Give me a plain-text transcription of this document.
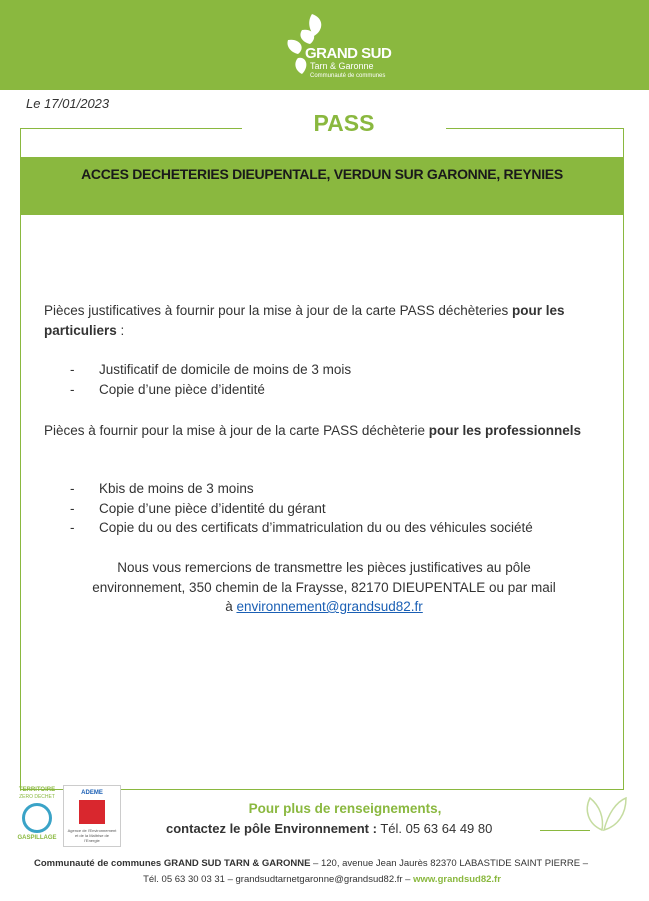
GRAND SUD
Tarn & Garonne
Communauté de communes
Le 17/01/2023
PASS
ACCES DECHETERIES DIEUPENTALE, VERDUN SUR GARONNE, REYNIES
Pièces justificatives à fournir pour la mise à jour de la carte PASS déchèteries pour les particuliers :
- Justificatif de domicile de moins de 3 mois
- Copie d’une pièce d’identité
Pièces à fournir pour la mise à jour de la carte PASS déchèterie pour les professionnels
- Kbis de moins de 3 moins
- Copie d’une pièce d’identité du gérant
- Copie du ou des certificats d’immatriculation du ou des véhicules société
Nous vous remercions de transmettre les pièces justificatives au pôle
environnement, 350 chemin de la Fraysse, 82170 DIEUPENTALE ou par mail
à environnement@grandsud82.fr
TERRITOIRE
ZERO DECHET
GASPILLAGE
ADEME
Agence de l'Environnement et de la Maîtrise de l'Energie
Pour plus de renseignements,
contactez le pôle Environnement : Tél. 05 63 64 49 80
Communauté de communes GRAND SUD TARN & GARONNE – 120, avenue Jean Jaurès 82370 LABASTIDE SAINT PIERRE –
Tél. 05 63 30 03 31 – grandsudtarnetgaronne@grandsud82.fr – www.grandsud82.fr
